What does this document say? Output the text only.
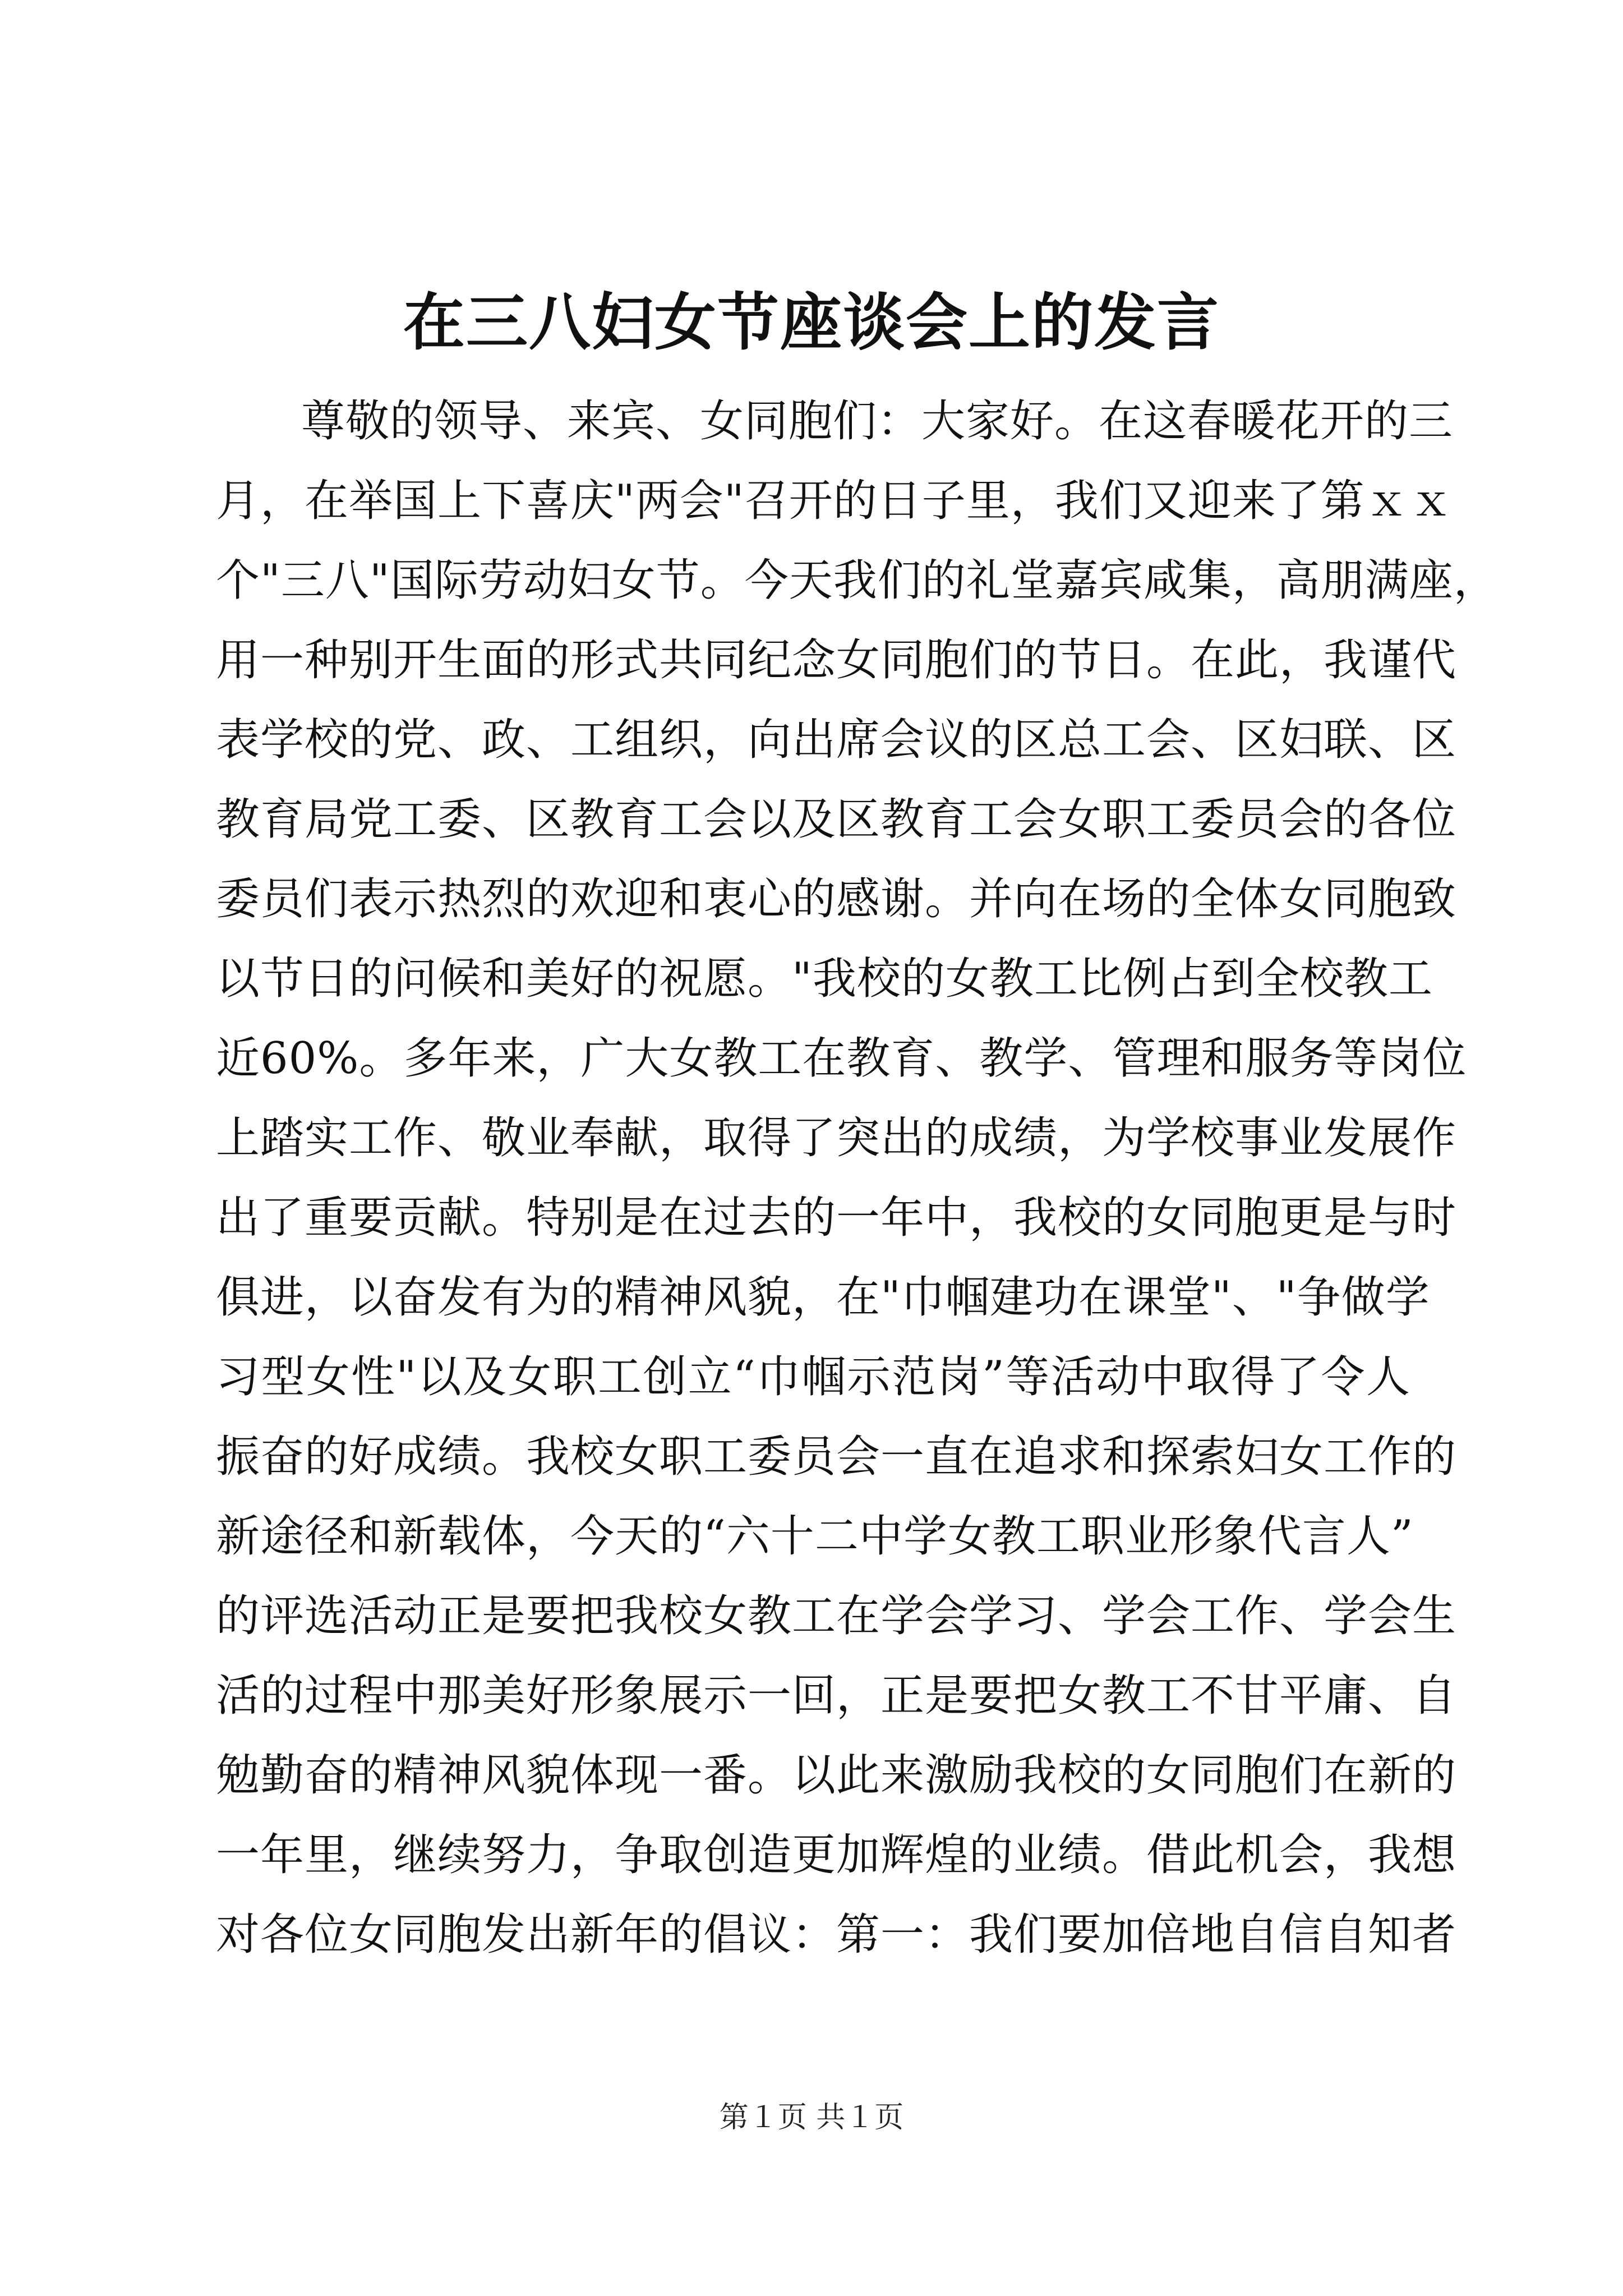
在三八妇女节座谈会上的发言
尊敬的领导、来宾、女同胞们：大家好。在这春暖花开的三
月，在举国上下喜庆"两会"召开的日子里，我们又迎来了第ｘｘ
个"三八"国际劳动妇女节。今天我们的礼堂嘉宾咸集，高朋满座，
用一种别开生面的形式共同纪念女同胞们的节日。在此，我谨代
表学校的党、政、工组织，向出席会议的区总工会、区妇联、区
教育局党工委、区教育工会以及区教育工会女职工委员会的各位
委员们表示热烈的欢迎和衷心的感谢。并向在场的全体女同胞致
以节日的问候和美好的祝愿。"我校的女教工比例占到全校教工
近60%。多年来，广大女教工在教育、教学、管理和服务等岗位
上踏实工作、敬业奉献，取得了突出的成绩，为学校事业发展作
出了重要贡献。特别是在过去的一年中，我校的女同胞更是与时
俱进，以奋发有为的精神风貌，在"巾帼建功在课堂"、"争做学
习型女性"以及女职工创立“巾帼示范岗”等活动中取得了令人
振奋的好成绩。我校女职工委员会一直在追求和探索妇女工作的
新途径和新载体，今天的“六十二中学女教工职业形象代言人”
的评选活动正是要把我校女教工在学会学习、学会工作、学会生
活的过程中那美好形象展示一回，正是要把女教工不甘平庸、自
勉勤奋的精神风貌体现一番。以此来激励我校的女同胞们在新的
一年里，继续努力，争取创造更加辉煌的业绩。借此机会，我想
对各位女同胞发出新年的倡议：第一：我们要加倍地自信自知者
第１页 共１页
